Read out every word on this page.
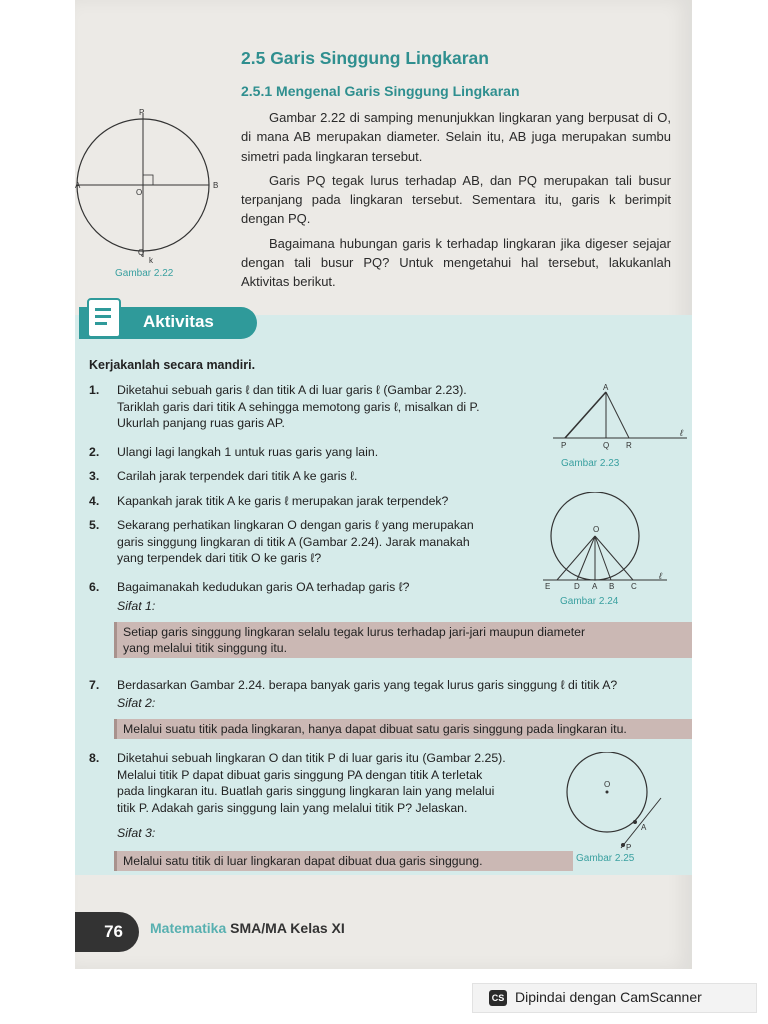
2.5 Garis Singgung Lingkaran
2.5.1 Mengenal Garis Singgung Lingkaran

Gambar 2.22 di samping menunjukkan lingkaran yang berpusat di O, di mana AB merupakan diameter. Selain itu, AB juga merupakan sumbu simetri pada lingkaran tersebut.

Garis PQ tegak lurus terhadap AB, dan PQ merupakan tali busur terpanjang pada lingkaran tersebut. Sementara itu, garis k berimpit dengan PQ.

Bagaimana hubungan garis k terhadap lingkaran jika digeser sejajar dengan tali busur PQ? Untuk mengetahui hal tersebut, lakukanlah Aktivitas berikut.

P
A	B
O
Q
k
Gambar 2.22
Aktivitas
Kerjakanlah secara mandiri.
1.	Diketahui sebuah garis ℓ dan titik A di luar garis ℓ (Gambar 2.23).
Tariklah garis dari titik A sehingga memotong garis ℓ, misalkan di P.
Ukurlah panjang ruas garis AP.
2.	Ulangi lagi langkah 1 untuk ruas garis yang lain.
3.	Carilah jarak terpendek dari titik A ke garis ℓ.
4.	Kapankah jarak titik A ke garis ℓ merupakan jarak terpendek?
5.	Sekarang perhatikan lingkaran O dengan garis ℓ yang merupakan
garis singgung lingkaran di titik A (Gambar 2.24). Jarak manakah
yang terpendek dari titik O ke garis ℓ?
6.	Bagaimanakah kedudukan garis OA terhadap garis ℓ?
Sifat 1:
Setiap garis singgung lingkaran selalu tegak lurus terhadap jari-jari maupun diameter
yang melalui titik singgung itu.
7.	Berdasarkan Gambar 2.24. berapa banyak garis yang tegak lurus garis singgung ℓ di titik A?
Sifat 2:
Melalui suatu titik pada lingkaran, hanya dapat dibuat satu garis singgung pada lingkaran itu.
8.	Diketahui sebuah lingkaran O dan titik P di luar garis itu (Gambar 2.25).
Melalui titik P dapat dibuat garis singgung PA dengan titik A terletak
pada lingkaran itu. Buatlah garis singgung lingkaran lain yang melalui
titik P. Adakah garis singgung lain yang melalui titik P? Jelaskan.
Sifat 3:
Melalui satu titik di luar lingkaran dapat dibuat dua garis singgung.
A
P	Q R
ℓ
Gambar 2.23
O
E	D A B C
ℓ
Gambar 2.24
O
A
P
Gambar 2.25
76	Matematika SMA/MA Kelas XI
CS Dipindai dengan CamScanner
